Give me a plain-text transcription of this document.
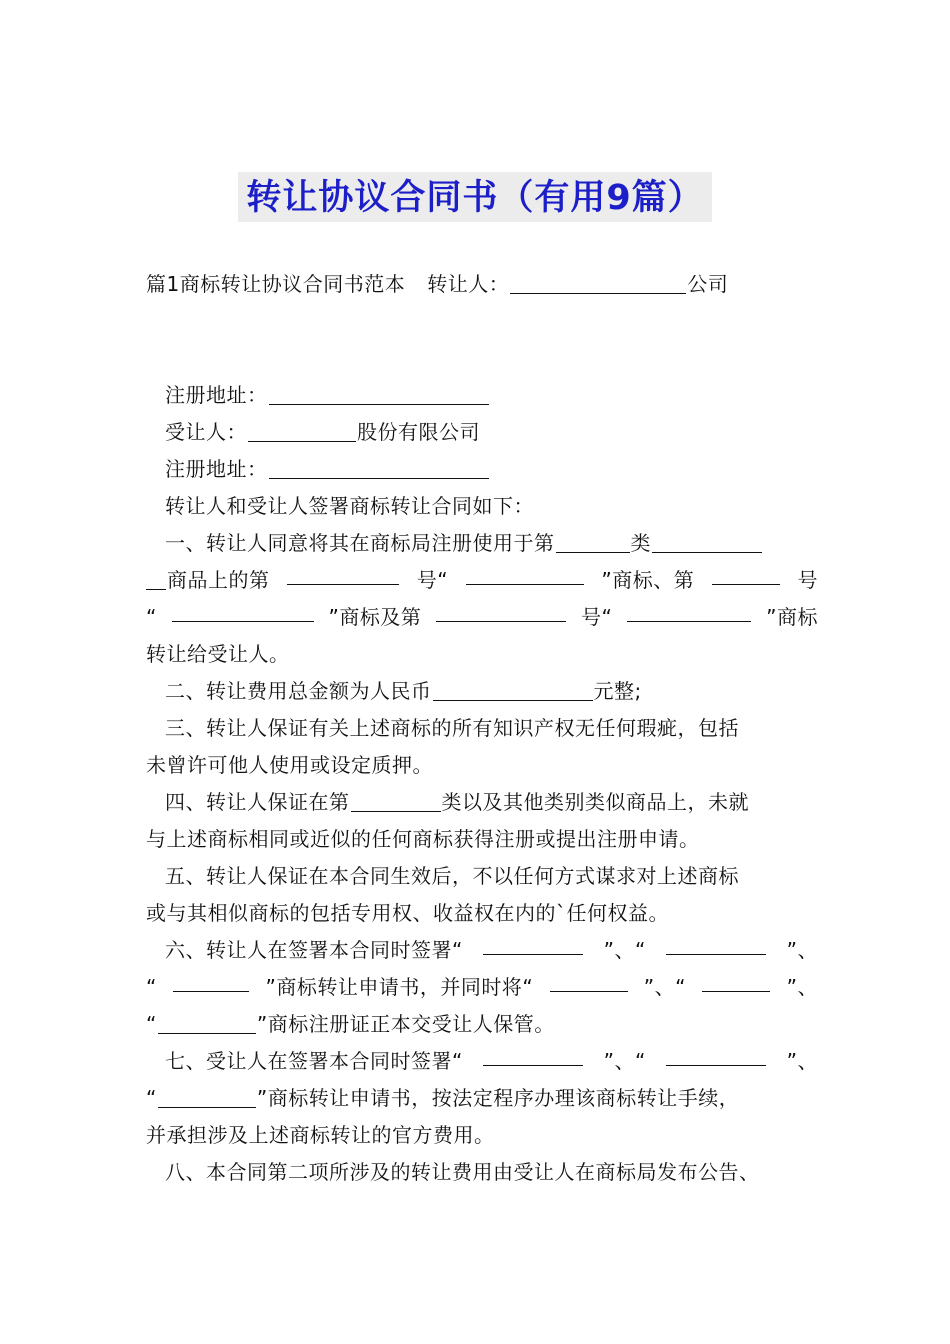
转让协议合同书（有用9篇）
篇1商标转让协议合同书范本 转让人：	公司
注册地址：
受让人：	股份有限公司
注册地址：
转让人和受让人签署商标转让合同如下：
一、转让人同意将其在商标局注册使用于第	类
商品上的第	号“	”商标、第	号
“	”商标及第	号“	”商标
转让给受让人。
二、转让费用总金额为人民币	元整;
三、转让人保证有关上述商标的所有知识产权无任何瑕疵，包括
未曾许可他人使用或设定质押。
四、转让人保证在第	类以及其他类别类似商品上，未就
与上述商标相同或近似的任何商标获得注册或提出注册申请。
五、转让人保证在本合同生效后，不以任何方式谋求对上述商标
或与其相似商标的包括专用权、收益权在内的`任何权益。
六、转让人在签署本合同时签署“	”、“	”、
“	”商标转让申请书，并同时将“	”、“	”、
“	”商标注册证正本交受让人保管。
七、受让人在签署本合同时签署“	”、“	”、
“	”商标转让申请书，按法定程序办理该商标转让手续，
并承担涉及上述商标转让的官方费用。
八、本合同第二项所涉及的转让费用由受让人在商标局发布公告、
